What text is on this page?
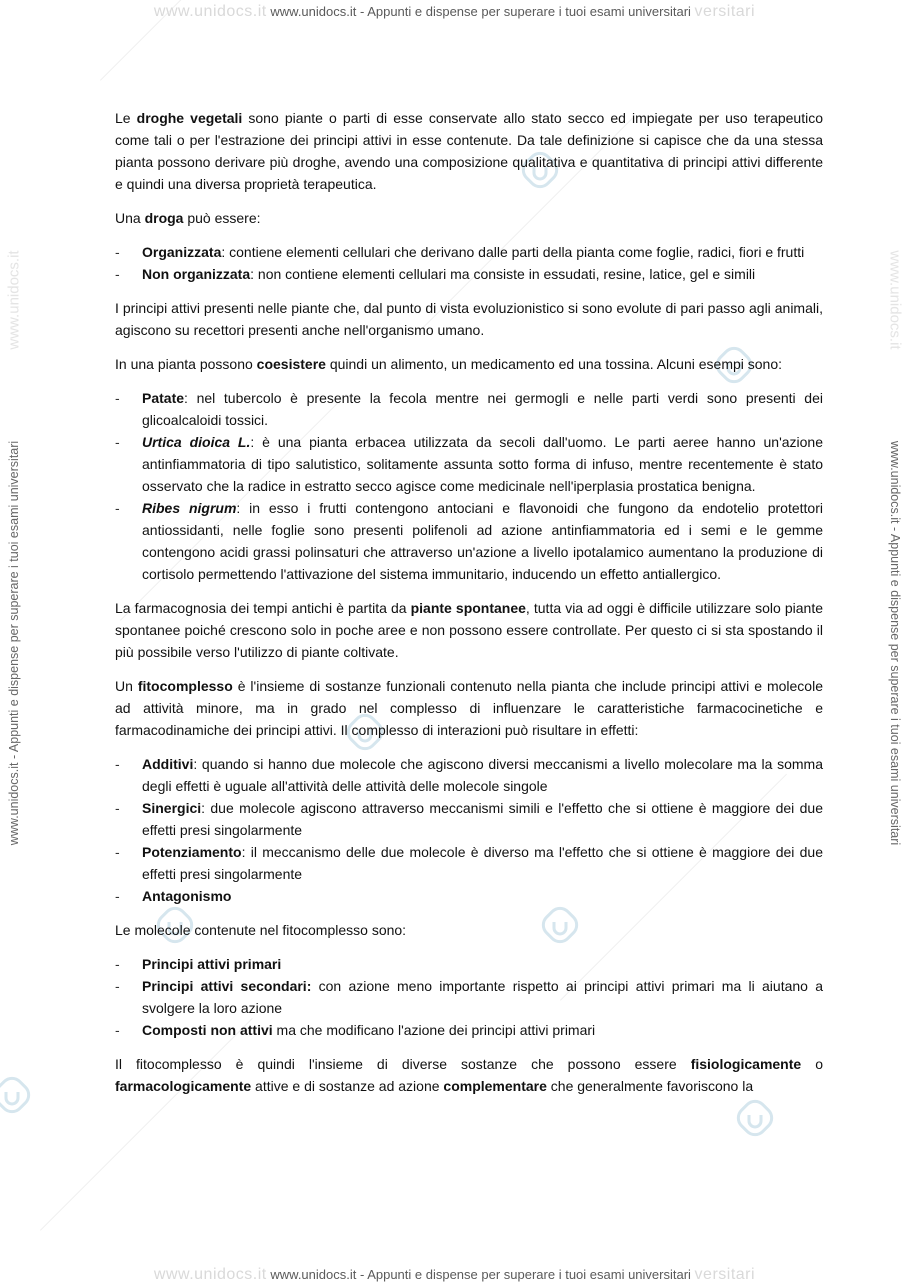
www.unidocs.it www.unidocs.it - Appunti e dispense per superare i tuoi esami universitari versitari
www.unidocs.it www.unidocs.it - Appunti e dispense per superare i tuoi esami universitari versitari
www.unidocs.it - Appunti e dispense per superare i tuoi esami universitari	www.unidocs.it - Appunti e dispense per superare i tuoi esami universitari
www.unidocs.it	www.unidocs.it

Le droghe vegetali sono piante o parti di esse conservate allo stato secco ed impiegate per uso terapeutico come tali o per l'estrazione dei principi attivi in esse contenute. Da tale definizione si capisce che da una stessa pianta possono derivare più droghe, avendo una composizione qualitativa e quantitativa di principi attivi differente e quindi una diversa proprietà terapeutica.

Una droga può essere:

- Organizzata: contiene elementi cellulari che derivano dalle parti della pianta come foglie, radici, fiori e frutti
- Non organizzata: non contiene elementi cellulari ma consiste in essudati, resine, latice, gel e simili

I principi attivi presenti nelle piante che, dal punto di vista evoluzionistico si sono evolute di pari passo agli animali, agiscono su recettori presenti anche nell'organismo umano.

In una pianta possono coesistere quindi un alimento, un medicamento ed una tossina. Alcuni esempi sono:

- Patate: nel tubercolo è presente la fecola mentre nei germogli e nelle parti verdi sono presenti dei glicoalcaloidi tossici.
- Urtica dioica L.: è una pianta erbacea utilizzata da secoli dall'uomo. Le parti aeree hanno un'azione antinfiammatoria di tipo salutistico, solitamente assunta sotto forma di infuso, mentre recentemente è stato osservato che la radice in estratto secco agisce come medicinale nell'iperplasia prostatica benigna.
- Ribes nigrum: in esso i frutti contengono antociani e flavonoidi che fungono da endotelio protettori antiossidanti, nelle foglie sono presenti polifenoli ad azione antinfiammatoria ed i semi e le gemme contengono acidi grassi polinsaturi che attraverso un'azione a livello ipotalamico aumentano la produzione di cortisolo permettendo l'attivazione del sistema immunitario, inducendo un effetto antiallergico.

La farmacognosia dei tempi antichi è partita da piante spontanee, tutta via ad oggi è difficile utilizzare solo piante spontanee poiché crescono solo in poche aree e non possono essere controllate. Per questo ci si sta spostando il più possibile verso l'utilizzo di piante coltivate.

Un fitocomplesso è l'insieme di sostanze funzionali contenuto nella pianta che include principi attivi e molecole ad attività minore, ma in grado nel complesso di influenzare le caratteristiche farmacocinetiche e farmacodinamiche dei principi attivi. Il complesso di interazioni può risultare in effetti:

- Additivi: quando si hanno due molecole che agiscono diversi meccanismi a livello molecolare ma la somma degli effetti è uguale all'attività delle attività delle molecole singole
- Sinergici: due molecole agiscono attraverso meccanismi simili e l'effetto che si ottiene è maggiore dei due effetti presi singolarmente
- Potenziamento: il meccanismo delle due molecole è diverso ma l'effetto che si ottiene è maggiore dei due effetti presi singolarmente
- Antagonismo

Le molecole contenute nel fitocomplesso sono:

- Principi attivi primari
- Principi attivi secondari: con azione meno importante rispetto ai principi attivi primari ma li aiutano a svolgere la loro azione
- Composti non attivi ma che modificano l'azione dei principi attivi primari

Il fitocomplesso è quindi l'insieme di diverse sostanze che possono essere fisiologicamente o farmacologicamente attive e di sostanze ad azione complementare che generalmente favoriscono la
